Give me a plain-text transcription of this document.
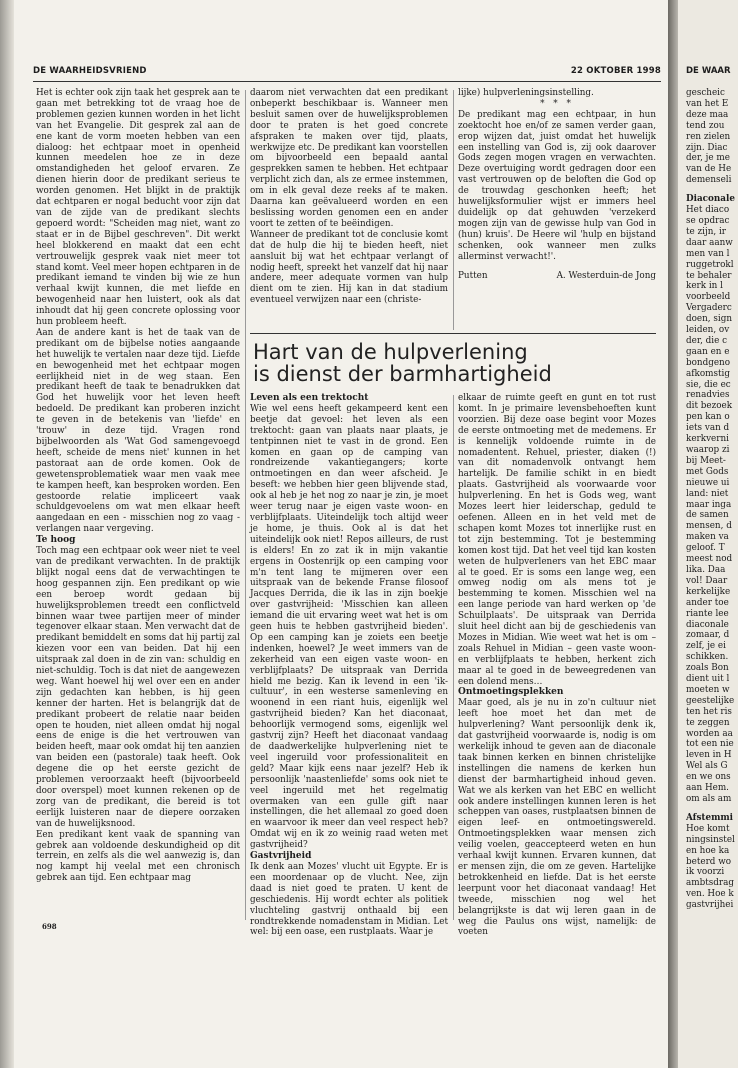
DE WAARHEIDSVRIEND	22 OKTOBER 1998

Het is echter ook zijn taak het gesprek aan te gaan met betrekking tot de vraag hoe de problemen gezien kunnen worden in het licht van het Evangelie. Dit gesprek zal aan de ene kant de vorm moeten hebben van een dialoog: het echtpaar moet in openheid kunnen meedelen hoe ze in deze omstandigheden het geloof ervaren. Ze dienen hierin door de predikant serieus te worden genomen. Het blijkt in de praktijk dat echtparen er nogal beducht voor zijn dat van de zijde van de predikant slechts gepoerd wordt: "Scheiden mag niet, want zo staat er in de Bijbel geschreven". Dit werkt heel blokkerend en maakt dat een echt vertrouwelijk gesprek vaak niet meer tot stand komt. Veel meer hopen echtparen in de predikant iemand te vinden bij wie ze hun verhaal kwijt kunnen, die met liefde en bewogenheid naar hen luistert, ook als dat inhoudt dat hij geen concrete oplossing voor hun probleem heeft.

Aan de andere kant is het de taak van de predikant om de bijbelse noties aangaande het huwelijk te vertalen naar deze tijd. Liefde en bewogenheid met het echtpaar mogen eerlijkheid niet in de weg staan. Een predikant heeft de taak te benadrukken dat God het huwelijk voor het leven heeft bedoeld. De predikant kan proberen inzicht te geven in de betekenis van 'liefde' en 'trouw' in deze tijd. Vragen rond bijbelwoorden als 'Wat God samengevoegd heeft, scheide de mens niet' kunnen in het pastoraat aan de orde komen. Ook de gewetensproblematiek waar men vaak mee te kampen heeft, kan besproken worden. Een gestoorde relatie impliceert vaak schuldgevoelens om wat men elkaar heeft aangedaan en een - misschien nog zo vaag - verlangen naar vergeving.

Te hoog

Toch mag een echtpaar ook weer niet te veel van de predikant verwachten. In de praktijk blijkt nogal eens dat de verwachtingen te hoog gespannen zijn. Een predikant op wie een beroep wordt gedaan bij huwelijksproblemen treedt een conflictveld binnen waar twee partijen meer of minder tegenover elkaar staan. Men verwacht dat de predikant bemiddelt en soms dat hij partij zal kiezen voor een van beiden. Dat hij een uitspraak zal doen in de zin van: schuldig en niet-schuldig. Toch is dat niet de aangewezen weg. Want hoewel hij wel over een en ander zijn gedachten kan hebben, is hij geen kenner der harten. Het is belangrijk dat de predikant probeert de relatie naar beiden open te houden, niet alleen omdat hij nogal eens de enige is die het vertrouwen van beiden heeft, maar ook omdat hij ten aanzien van beiden een (pastorale) taak heeft. Ook degene die op het eerste gezicht de problemen veroorzaakt heeft (bijvoorbeeld door overspel) moet kunnen rekenen op de zorg van de predikant, die bereid is tot eerlijk luisteren naar de diepere oorzaken van de huwelijksnood.

Een predikant kent vaak de spanning van gebrek aan voldoende deskundigheid op dit terrein, en zelfs als die wel aanwezig is, dan nog kampt hij veelal met een chronisch gebrek aan tijd. Een echtpaar mag

daarom niet verwachten dat een predikant onbeperkt beschikbaar is. Wanneer men besluit samen over de huwelijksproblemen door te praten is het goed concrete afspraken te maken over tijd, plaats, werkwijze etc. De predikant kan voorstellen om bijvoorbeeld een bepaald aantal gesprekken samen te hebben. Het echtpaar verplicht zich dan, als ze ermee instemmen, om in elk geval deze reeks af te maken. Daarna kan geëvalueerd worden en een beslissing worden genomen een en ander voort te zetten of te beëindigen.

Wanneer de predikant tot de conclusie komt dat de hulp die hij te bieden heeft, niet aansluit bij wat het echtpaar verlangt of nodig heeft, spreekt het vanzelf dat hij naar andere, meer adequate vormen van hulp dient om te zien. Hij kan in dat stadium eventueel verwijzen naar een (christe-

lijke) hulpverleningsinstelling.

* * *

De predikant mag een echtpaar, in hun zoektocht hoe en/of ze samen verder gaan, erop wijzen dat, juist omdat het huwelijk een instelling van God is, zij ook daarover Gods zegen mogen vragen en verwachten. Deze overtuiging wordt gedragen door een vast vertrouwen op de beloften die God op de trouwdag geschonken heeft; het huwelijksformulier wijst er immers heel duidelijk op dat gehuwden 'verzekerd mogen zijn van de gewisse hulp van God in (hun) kruis'. De Heere wil 'hulp en bijstand schenken, ook wanneer men zulks allerminst verwacht!'.

Putten	A. Westerduin-de Jong
Hart van de hulpverlening
is dienst der barmhartigheid

Leven als een trektocht

Wie wel eens heeft gekampeerd kent een beetje dat gevoel: het leven als een trektocht: gaan van plaats naar plaats, je tentpinnen niet te vast in de grond. Een komen en gaan op de camping van rondreizende vakantiegangers; korte ontmoetingen en dan weer afscheid. Je beseft: we hebben hier geen blijvende stad, ook al heb je het nog zo naar je zin, je moet weer terug naar je eigen vaste woon- en verblijfplaats. Uiteindelijk toch altijd weer je home, je thuis. Ook al is dat het uiteindelijk ook niet! Repos ailleurs, de rust is elders! En zo zat ik in mijn vakantie ergens in Oostenrijk op een camping voor m'n tent lang te mijmeren over een uitspraak van de bekende Franse filosoof Jacques Derrida, die ik las in zijn boekje over gastvrijheid: 'Misschien kan alleen iemand die uit ervaring weet wat het is om geen huis te hebben gastvrijheid bieden'. Op een camping kan je zoiets een beetje indenken, hoewel? Je weet immers van de zekerheid van een eigen vaste woon- en verblijfplaats? De uitspraak van Derrida hield me bezig. Kan ik levend in een 'ik-cultuur', in een westerse samenleving en woonend in een riant huis, eigenlijk wel gastvrijheid bieden? Kan het diaconaat, behoorlijk vermogend soms, eigenlijk wel gastvrij zijn? Heeft het diaconaat vandaag de daadwerkelijke hulpverlening niet te veel ingeruild voor professionaliteit en geld? Maar kijk eens naar jezelf? Heb ik persoonlijk 'naastenliefde' soms ook niet te veel ingeruild met het regelmatig overmaken van een gulle gift naar instellingen, die het allemaal zo goed doen en waarvoor ik meer dan veel respect heb? Omdat wij en ik zo weinig raad weten met gastvrijheid?

Gastvrijheid

Ik denk aan Mozes' vlucht uit Egypte. Er is een moordenaar op de vlucht. Nee, zijn daad is niet goed te praten. U kent de geschiedenis. Hij wordt echter als politiek vluchteling gastvrij onthaald bij een rondtrekkende nomadenstam in Midian. Let wel: bij een oase, een rustplaats. Waar je

elkaar de ruimte geeft en gunt en tot rust komt. In je primaire levensbehoeften kunt voorzien. Bij deze oase begint voor Mozes de eerste ontmoeting met de medemens. Er is kennelijk voldoende ruimte in de nomadentent. Rehuel, priester, diaken (!) van dit nomadenvolk ontvangt hem hartelijk. De familie schikt in en biedt plaats. Gastvrijheid als voorwaarde voor hulpverlening. En het is Gods weg, want Mozes leert hier leiderschap, geduld te oefenen. Alleen en in het veld met de schapen komt Mozes tot innerlijke rust en tot zijn bestemming. Tot je bestemming komen kost tijd. Dat het veel tijd kan kosten weten de hulpverleners van het EBC maar al te goed. Er is soms een lange weg, een omweg nodig om als mens tot je bestemming te komen. Misschien wel na een lange periode van hard werken op 'de Schuilplaats'. De uitspraak van Derrida sluit heel dicht aan bij de geschiedenis van Mozes in Midian. Wie weet wat het is om – zoals Rehuel in Midian – geen vaste woon- en verblijfplaats te hebben, herkent zich maar al te goed in de beweegredenen van een dolend mens…

Ontmoetingsplekken

Maar goed, als je nu in zo'n cultuur niet leeft hoe moet het dan met de hulpverlening? Want persoonlijk denk ik, dat gastvrijheid voorwaarde is, nodig is om werkelijk inhoud te geven aan de diaconale taak binnen kerken en binnen christelijke instellingen die namens de kerken hun dienst der barmhartigheid inhoud geven. Wat we als kerken van het EBC en wellicht ook andere instellingen kunnen leren is het scheppen van oases, rustplaatsen binnen de eigen leef- en ontmoetingswereld. Ontmoetingsplekken waar mensen zich veilig voelen, geaccepteerd weten en hun verhaal kwijt kunnen. Ervaren kunnen, dat er mensen zijn, die om ze geven. Hartelijke betrokkenheid en liefde. Dat is het eerste leerpunt voor het diaconaat vandaag! Het tweede, misschien nog wel het belangrijkste is dat wij leren gaan in de weg die Paulus ons wijst, namelijk: de voeten

698
DE WAAR
gescheic
van het E
deze maa
tend zou
ren zielen
zijn. Diac
der, je me
van de He
demenseli
Diaconale
Het diaco
se opdrac
te zijn, ir
daar aanw
men van l
ruggetrokl
te behaler
kerk in l
voorbeeld
Vergaderc
doen, sign
leiden, ov
der, die c
gaan en e
bondgeno
afkomstig
sie, die ec
renadvies
dit bezoek
pen kan o
iets van d
kerkverni
waarop zi
bij Meet-
met Gods
nieuwe ui
land: niet
maar inga
de samen
mensen, d
maken va
geloof. T
meest nod
lika. Daa
vol! Daar
kerkelijke
ander toe
riante lee
diaconale
zomaar, d
zelf, je ei
schikken.
zoals Bon
dient uit l
moeten w
geestelijke
ten het ris
te zeggen
worden aa
tot een nie
leven in H
Wel als G
en we ons
aan Hem.
om als am
Afstemmi
Hoe komt
ningsinstel
en hoe ka
beterd wo
ik voorzi
ambtsdrag
ven. Hoe k
gastvrijhei
